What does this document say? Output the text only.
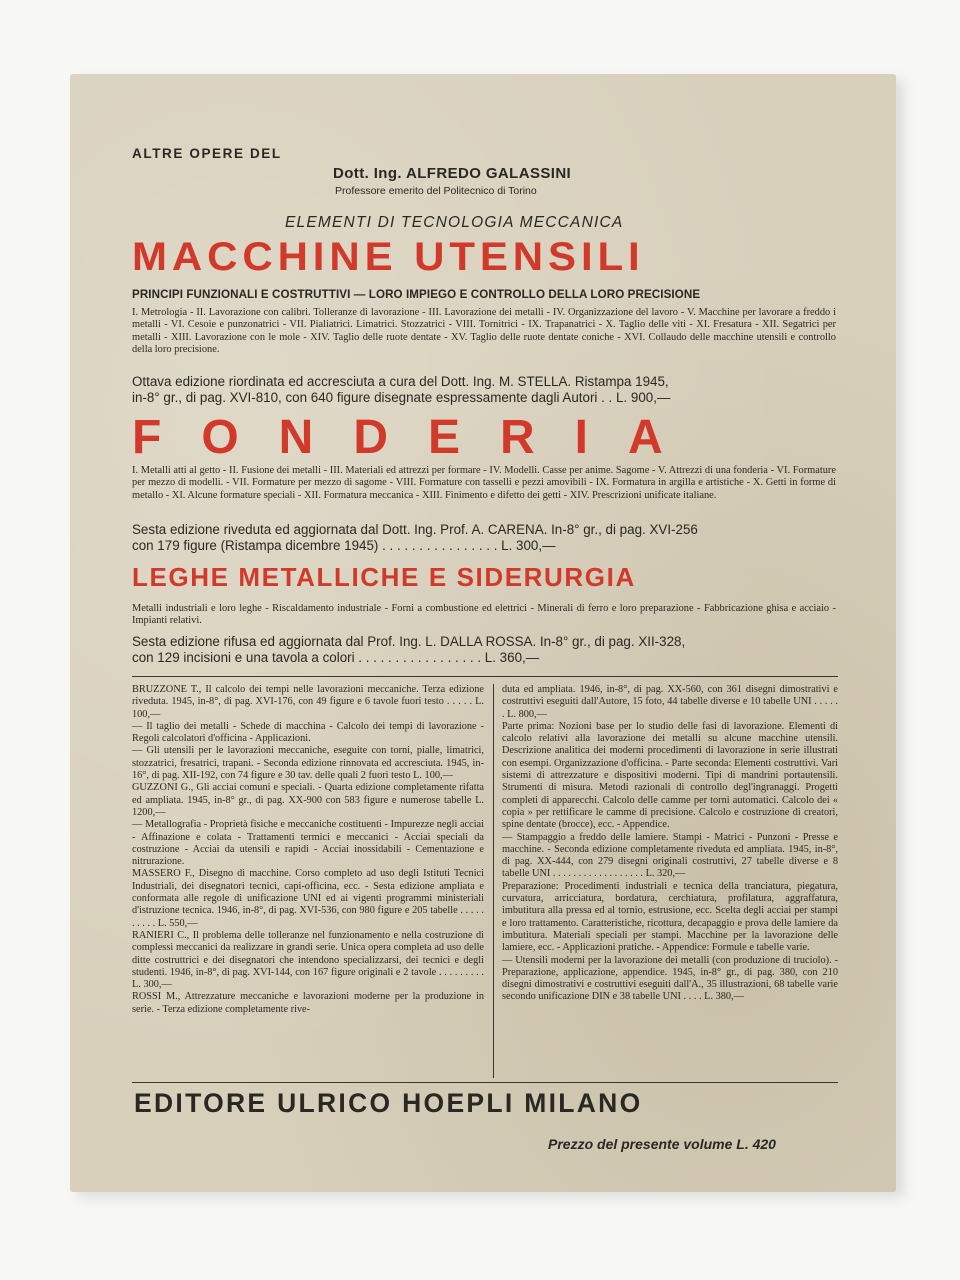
ALTRE OPERE DEL
Dott. Ing. ALFREDO GALASSINI
Professore emerito del Politecnico di Torino
ELEMENTI DI TECNOLOGIA MECCANICA
MACCHINE UTENSILI
PRINCIPI FUNZIONALI E COSTRUTTIVI — LORO IMPIEGO E CONTROLLO DELLA LORO PRECISIONE
I. Metrologia - II. Lavorazione con calibri. Tolleranze di lavorazione - III. Lavorazione dei metalli - IV. Organizzazione del lavoro - V. Macchine per lavorare a freddo i metalli - VI. Cesoie e punzonatrici - VII. Pialiatrici. Limatrici. Stozzatrici - VIII. Tornitrici - IX. Trapanatrici - X. Taglio delle viti - XI. Fresatura - XII. Segatrici per metalli - XIII. Lavorazione con le mole - XIV. Taglio delle ruote dentate - XV. Taglio delle ruote dentate coniche - XVI. Collaudo delle macchine utensili e controllo della loro precisione.
Ottava edizione riordinata ed accresciuta a cura del Dott. Ing. M. STELLA. Ristampa 1945,
in-8° gr., di pag. XVI-810, con 640 figure disegnate espressamente dagli Autori . . L. 900,—
FONDERIA
I. Metalli atti al getto - II. Fusione dei metalli - III. Materiali ed attrezzi per formare - IV. Modelli. Casse per anime. Sagome - V. Attrezzi di una fonderia - VI. Formature per mezzo di modelli. - VII. Formature per mezzo di sagome - VIII. Formature con tasselli e pezzi amovibili - IX. Formatura in argilla e artistiche - X. Getti in forme di metallo - XI. Alcune formature speciali - XII. Formatura meccanica - XIII. Finimento e difetto dei getti - XIV. Prescrizioni unificate italiane.
Sesta edizione riveduta ed aggiornata dal Dott. Ing. Prof. A. CARENA. In-8° gr., di pag. XVI-256
con 179 figure (Ristampa dicembre 1945) . . . . . . . . . . . . . . . . L. 300,—
LEGHE METALLICHE E SIDERURGIA
Metalli industriali e loro leghe - Riscaldamento industriale - Forni a combustione ed elettrici - Minerali di ferro e loro preparazione - Fabbricazione ghisa e acciaio - Impianti relativi.
Sesta edizione rifusa ed aggiornata dal Prof. Ing. L. DALLA ROSSA. In-8° gr., di pag. XII-328,
con 129 incisioni e una tavola a colori . . . . . . . . . . . . . . . . . L. 360,—

BRUZZONE T., Il calcolo dei tempi nelle lavorazioni meccaniche. Terza edizione riveduta. 1945, in-8°, di pag. XVI-176, con 49 figure e 6 tavole fuori testo . . . . . L. 100,—

— Il taglio dei metalli - Schede di macchina - Calcolo dei tempi di lavorazione - Regoli calcolatori d'officina - Applicazioni.

— Gli utensili per le lavorazioni meccaniche, eseguite con torni, pialle, limatrici, stozzatrici, fresatrici, trapani. - Seconda edizione rinnovata ed accresciuta. 1945, in-16°, di pag. XII-192, con 74 figure e 30 tav. delle quali 2 fuori testo L. 100,—

GUZZONI G., Gli acciai comuni e speciali. - Quarta edizione completamente rifatta ed ampliata. 1945, in-8° gr., di pag. XX-900 con 583 figure e numerose tabelle L. 1200,—

— Metallografia - Proprietà fisiche e meccaniche costituenti - Impurezze negli acciai - Affinazione e colata - Trattamenti termici e meccanici - Acciai speciali da costruzione - Acciai da utensili e rapidi - Acciai inossidabili - Cementazione e nitrurazione.

MASSERO F., Disegno di macchine. Corso completo ad uso degli Istituti Tecnici Industriali, dei disegnatori tecnici, capi-officina, ecc. - Sesta edizione ampliata e conformata alle regole di unificazione UNI ed ai vigenti programmi ministeriali d'istruzione tecnica. 1946, in-8°, di pag. XVI-536, con 980 figure e 205 tabelle . . . . . . . . . . L. 550,—

RANIERI C., Il problema delle tolleranze nel funzionamento e nella costruzione di complessi meccanici da realizzare in grandi serie. Unica opera completa ad uso delle ditte costruttrici e dei disegnatori che intendono specializzarsi, dei tecnici e degli studenti. 1946, in-8°, di pag. XVI-144, con 167 figure originali e 2 tavole . . . . . . . . . L. 300,—

ROSSI M., Attrezzature meccaniche e lavorazioni moderne per la produzione in serie. - Terza edizione completamente rive-

duta ed ampliata. 1946, in-8°, di pag. XX-560, con 361 disegni dimostrativi e costruttivi eseguiti dall'Autore, 15 foto, 44 tabelle diverse e 10 tabelle UNI . . . . . . L. 800,—

Parte prima: Nozioni base per lo studio delle fasi di lavorazione. Elementi di calcolo relativi alla lavorazione dei metalli su alcune macchine utensili. Descrizione analitica dei moderni procedimenti di lavorazione in serie illustrati con esempi. Organizzazione d'officina. - Parte seconda: Elementi costruttivi. Vari sistemi di attrezzature e dispositivi moderni. Tipi di mandrini portautensili. Strumenti di misura. Metodi razionali di controllo degl'ingranaggi. Progetti completi di apparecchi. Calcolo delle camme per torni automatici. Calcolo dei « copia » per rettificare le camme di precisione. Calcolo e costruzione di creatori, spine dentate (brocce), ecc. - Appendice.

— Stampaggio a freddo delle lamiere. Stampi - Matrici - Punzoni - Presse e macchine. - Seconda edizione completamente riveduta ed ampliata. 1945, in-8°, di pag. XX-444, con 279 disegni originali costruttivi, 27 tabelle diverse e 8 tabelle UNI . . . . . . . . . . . . . . . . . . L. 320,—

Preparazione: Procedimenti industriali e tecnica della tranciatura, piegatura, curvatura, arricciatura, bordatura, cerchiatura, profilatura, aggraffatura, imbutitura alla pressa ed al tornio, estrusione, ecc. Scelta degli acciai per stampi e loro trattamento. Caratteristiche, ricottura, decapaggio e prova delle lamiere da imbutitura. Materiali speciali per stampi. Macchine per la lavorazione delle lamiere, ecc. - Applicazioni pratiche. - Appendice: Formule e tabelle varie.

— Utensili moderni per la lavorazione dei metalli (con produzione di truciolo). - Preparazione, applicazione, appendice. 1945, in-8° gr., di pag. 380, con 210 disegni dimostrativi e costruttivi eseguiti dall'A., 35 illustrazioni, 68 tabelle varie secondo unificazione DIN e 38 tabelle UNI . . . . L. 380,—

EDITORE ULRICO HOEPLI MILANO
Prezzo del presente volume L. 420
